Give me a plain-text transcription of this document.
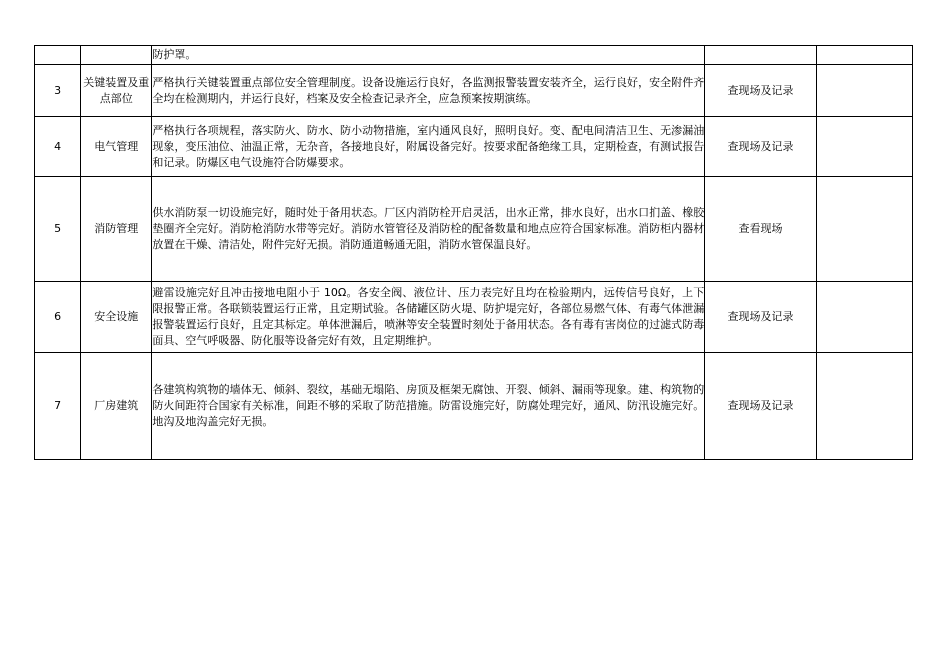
		防护罩。		
3	关键装置及重点部位	严格执行关键装置重点部位安全管理制度。设备设施运行良好，各监测报警装置安装齐全，运行良好，安全附件齐全均在检测期内，并运行良好，档案及安全检查记录齐全，应急预案按期演练。	查现场及记录	
4	电气管理	严格执行各项规程，落实防火、防水、防小动物措施，室内通风良好，照明良好。变、配电间清洁卫生、无渗漏油现象，变压油位、油温正常，无杂音，各接地良好，附属设备完好。按要求配备绝缘工具，定期检查，有测试报告和记录。防爆区电气设施符合防爆要求。	查现场及记录	
5	消防管理	供水消防泵一切设施完好，随时处于备用状态。厂区内消防栓开启灵活，出水正常，排水良好，出水口扪盖、橡胶垫圈齐全完好。消防枪消防水带等完好。消防水管管径及消防栓的配备数量和地点应符合国家标准。消防柜内器材放置在干燥、清洁处，附件完好无损。消防通道畅通无阻，消防水管保温良好。	查看现场	
6	安全设施	避雷设施完好且冲击接地电阻小于 10Ω。各安全阀、液位计、压力表完好且均在检验期内，远传信号良好，上下限报警正常。各联锁装置运行正常，且定期试验。各储罐区防火堤、防护堤完好，各部位易燃气体、有毒气体泄漏报警装置运行良好，且定其标定。单体泄漏后，喷淋等安全装置时刻处于备用状态。各有毒有害岗位的过滤式防毒面具、空气呼吸器、防化服等设备完好有效，且定期维护。	查现场及记录	
7	厂房建筑	各建筑构筑物的墙体无、倾斜、裂纹，基础无塌陷、房顶及框架无腐蚀、开裂、倾斜、漏雨等现象。建、构筑物的防火间距符合国家有关标准，间距不够的采取了防范措施。防雷设施完好，防腐处理完好，通风、防汛设施完好。地沟及地沟盖完好无损。	查现场及记录	
